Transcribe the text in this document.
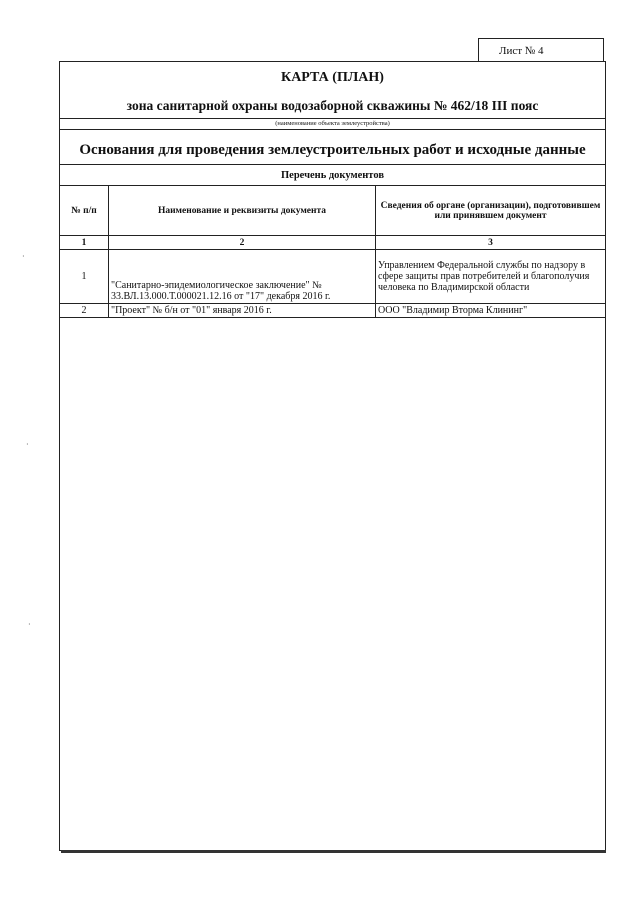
Лист № 4
КАРТА (ПЛАН)
зона санитарной охраны водозаборной скважины № 462/18 III пояс
(наименование объекта землеустройства)
Основания для проведения землеустроительных работ и исходные данные
Перечень документов
№ п/п	Наименование и реквизиты документа	Сведения об органе (организации), подготовившем или принявшем документ
1	2	3
1	"Санитарно-эпидемиологическое заключение" № 33.ВЛ.13.000.Т.000021.12.16 от "17" декабря 2016 г.	Управлением Федеральной службы по надзору в сфере защиты прав потребителей и благополучия человека по Владимирской области
2	"Проект" № б/н от "01" января 2016 г.	ООО "Владимир Вторма Клининг"
·
·
·
